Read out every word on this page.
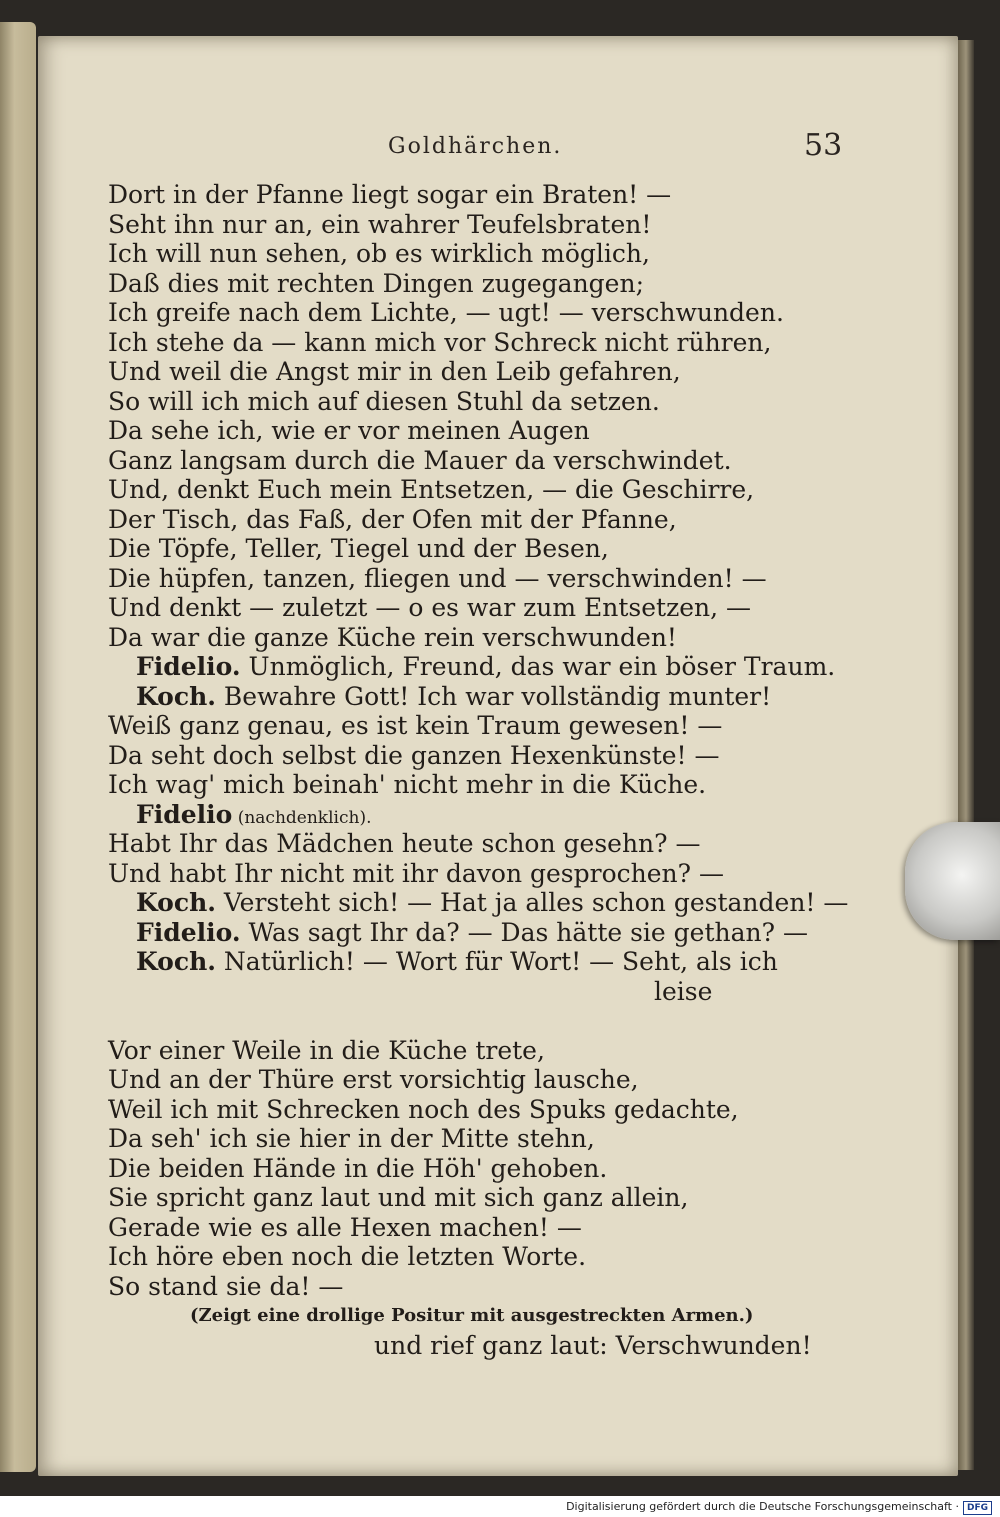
Goldhärchen.	53
Dort in der Pfanne liegt sogar ein Braten! —
Seht ihn nur an, ein wahrer Teufelsbraten!
Ich will nun sehen, ob es wirklich möglich,
Daß dies mit rechten Dingen zugegangen;
Ich greife nach dem Lichte, — ugt! — verschwunden.
Ich stehe da — kann mich vor Schreck nicht rühren,
Und weil die Angst mir in den Leib gefahren,
So will ich mich auf diesen Stuhl da setzen.
Da sehe ich, wie er vor meinen Augen
Ganz langsam durch die Mauer da verschwindet.
Und, denkt Euch mein Entsetzen, — die Geschirre,
Der Tisch, das Faß, der Ofen mit der Pfanne,
Die Töpfe, Teller, Tiegel und der Besen,
Die hüpfen, tanzen, fliegen und — verschwinden! —
Und denkt — zuletzt — o es war zum Entsetzen, —
Da war die ganze Küche rein verschwunden!
Fidelio. Unmöglich, Freund, das war ein böser Traum.
Koch. Bewahre Gott! Ich war vollständig munter!
Weiß ganz genau, es ist kein Traum gewesen! —
Da seht doch selbst die ganzen Hexenkünste! —
Ich wag' mich beinah' nicht mehr in die Küche.
Fidelio (nachdenklich).
Habt Ihr das Mädchen heute schon gesehn? —
Und habt Ihr nicht mit ihr davon gesprochen? —
Koch. Versteht sich! — Hat ja alles schon gestanden! —
Fidelio. Was sagt Ihr da? — Das hätte sie gethan? —
Koch. Natürlich! — Wort für Wort! — Seht, als ich
leise
Vor einer Weile in die Küche trete,
Und an der Thüre erst vorsichtig lausche,
Weil ich mit Schrecken noch des Spuks gedachte,
Da seh' ich sie hier in der Mitte stehn,
Die beiden Hände in die Höh' gehoben.
Sie spricht ganz laut und mit sich ganz allein,
Gerade wie es alle Hexen machen! —
Ich höre eben noch die letzten Worte.
So stand sie da! —
(Zeigt eine drollige Positur mit ausgestreckten Armen.)
und rief ganz laut: Verschwunden!
Digitalisierung gefördert durch die Deutsche Forschungsgemeinschaft · DFG
